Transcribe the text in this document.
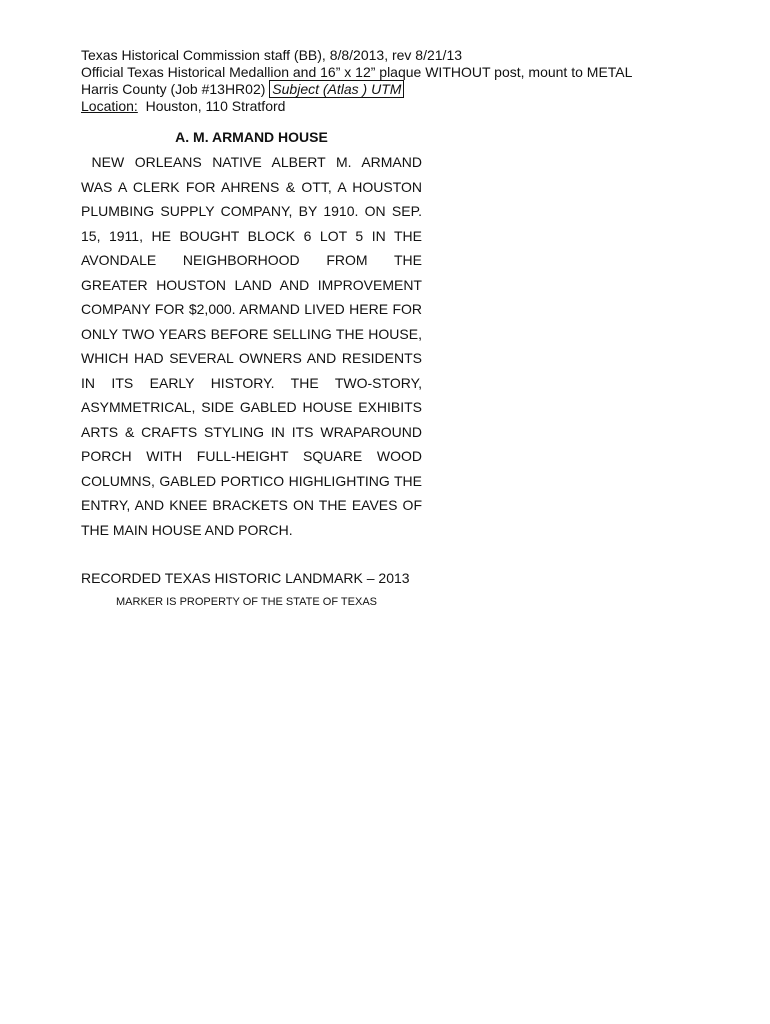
Texas Historical Commission staff (BB), 8/8/2013, rev 8/21/13
Official Texas Historical Medallion and 16” x 12” plaque WITHOUT post, mount to METAL
Harris County (Job #13HR02) Subject (Atlas ) UTM
Location:  Houston, 110 Stratford
A. M. ARMAND HOUSE
NEW ORLEANS NATIVE ALBERT M. ARMAND
WAS A CLERK FOR AHRENS & OTT, A HOUSTON
PLUMBING SUPPLY COMPANY, BY 1910. ON SEP.
15, 1911, HE BOUGHT BLOCK 6 LOT 5 IN THE
AVONDALE NEIGHBORHOOD FROM THE
GREATER HOUSTON LAND AND IMPROVEMENT
COMPANY FOR $2,000. ARMAND LIVED HERE FOR
ONLY TWO YEARS BEFORE SELLING THE HOUSE,
WHICH HAD SEVERAL OWNERS AND RESIDENTS
IN ITS EARLY HISTORY. THE TWO-STORY,
ASYMMETRICAL, SIDE GABLED HOUSE EXHIBITS
ARTS & CRAFTS STYLING IN ITS WRAPAROUND
PORCH WITH FULL-HEIGHT SQUARE WOOD
COLUMNS, GABLED PORTICO HIGHLIGHTING THE
ENTRY, AND KNEE BRACKETS ON THE EAVES OF
THE MAIN HOUSE AND PORCH.
RECORDED TEXAS HISTORIC LANDMARK – 2013
MARKER IS PROPERTY OF THE STATE OF TEXAS
